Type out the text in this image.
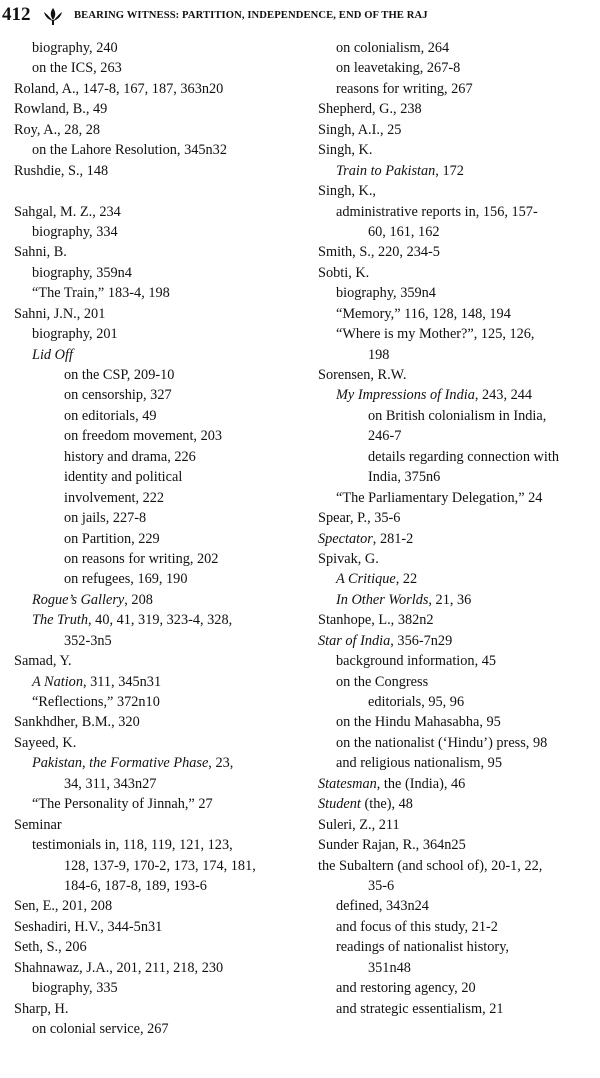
412	BEARING WITNESS: PARTITION, INDEPENDENCE, END OF THE RAJ
biography, 240
on the ICS, 263
Roland, A., 147-8, 167, 187, 363n20
Rowland, B., 49
Roy, A., 28, 28
on the Lahore Resolution, 345n32
Rushdie, S., 148
Sahgal, M. Z., 234
biography, 334
Sahni, B.
biography, 359n4
“The Train,” 183-4, 198
Sahni, J.N., 201
biography, 201
Lid Off
on the CSP, 209-10
on censorship, 327
on editorials, 49
on freedom movement, 203
history and drama, 226
identity and political
involvement, 222
on jails, 227-8
on Partition, 229
on reasons for writing, 202
on refugees, 169, 190
Rogue’s Gallery, 208
The Truth, 40, 41, 319, 323-4, 328,
352-3n5
Samad, Y.
A Nation, 311, 345n31
“Reflections,” 372n10
Sankhdher, B.M., 320
Sayeed, K.
Pakistan, the Formative Phase, 23,
34, 311, 343n27
“The Personality of Jinnah,” 27
Seminar
testimonials in, 118, 119, 121, 123,
128, 137-9, 170-2, 173, 174, 181,
184-6, 187-8, 189, 193-6
Sen, E., 201, 208
Seshadiri, H.V., 344-5n31
Seth, S., 206
Shahnawaz, J.A., 201, 211, 218, 230
biography, 335
Sharp, H.
on colonial service, 267
on colonialism, 264
on leavetaking, 267-8
reasons for writing, 267
Shepherd, G., 238
Singh, A.I., 25
Singh, K.
Train to Pakistan, 172
Singh, K.,
administrative reports in, 156, 157-
60, 161, 162
Smith, S., 220, 234-5
Sobti, K.
biography, 359n4
“Memory,” 116, 128, 148, 194
“Where is my Mother?”, 125, 126,
198
Sorensen, R.W.
My Impressions of India, 243, 244
on British colonialism in India,
246-7
details regarding connection with
India, 375n6
“The Parliamentary Delegation,” 24
Spear, P., 35-6
Spectator, 281-2
Spivak, G.
A Critique, 22
In Other Worlds, 21, 36
Stanhope, L., 382n2
Star of India, 356-7n29
background information, 45
on the Congress
editorials, 95, 96
on the Hindu Mahasabha, 95
on the nationalist (‘Hindu’) press, 98
and religious nationalism, 95
Statesman, the (India), 46
Student (the), 48
Suleri, Z., 211
Sunder Rajan, R., 364n25
the Subaltern (and school of), 20-1, 22,
35-6
defined, 343n24
and focus of this study, 21-2
readings of nationalist history,
351n48
and restoring agency, 20
and strategic essentialism, 21
